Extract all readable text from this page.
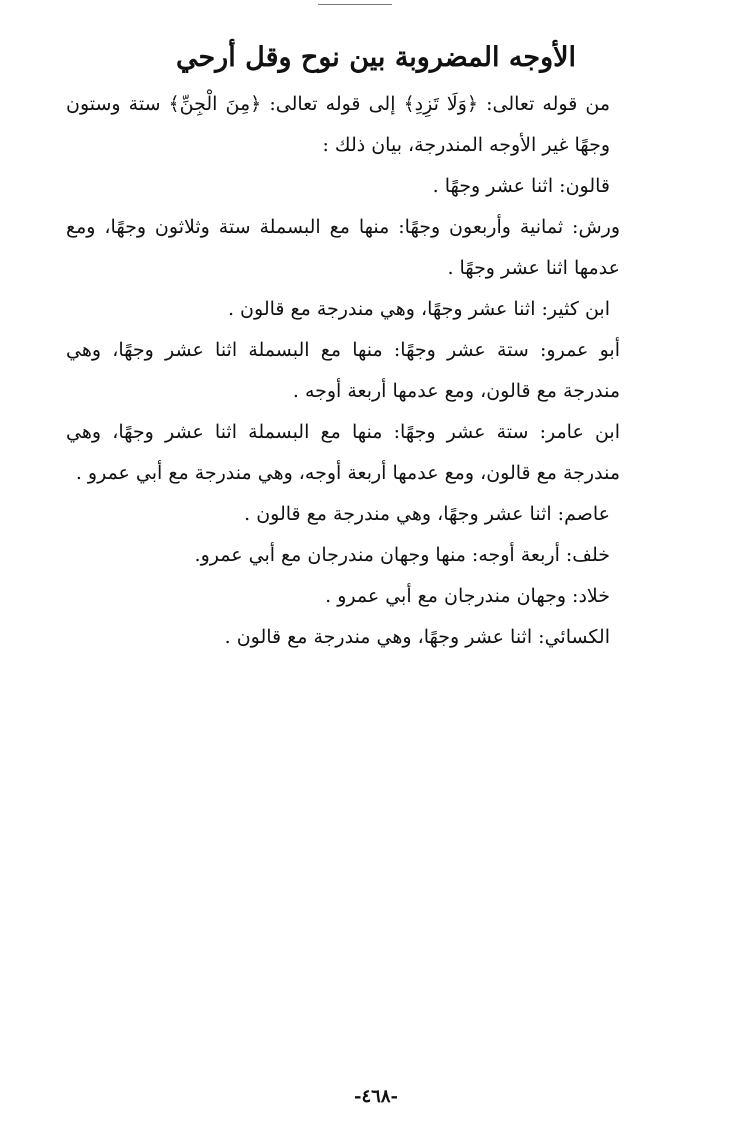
الأوجه المضروبة بين نوح وقل أرحي

من قوله تعالى: ﴿وَلَا تَزِدِ﴾ إلى قوله تعالى: ﴿مِنَ الْجِنِّ﴾ ستة وستون وجهًا غير الأوجه المندرجة، بيان ذلك :

قالون: اثنا عشر وجهًا .

ورش: ثمانية وأربعون وجهًا: منها مع البسملة ستة وثلاثون وجهًا، ومع عدمها اثنا عشر وجهًا .

ابن كثير: اثنا عشر وجهًا، وهي مندرجة مع قالون .

أبو عمرو: ستة عشر وجهًا: منها مع البسملة اثنا عشر وجهًا، وهي مندرجة مع قالون، ومع عدمها أربعة أوجه .

ابن عامر: ستة عشر وجهًا: منها مع البسملة اثنا عشر وجهًا، وهي مندرجة مع قالون، ومع عدمها أربعة أوجه، وهي مندرجة مع أبي عمرو .

عاصم: اثنا عشر وجهًا، وهي مندرجة مع قالون .

خلف: أربعة أوجه: منها وجهان مندرجان مع أبي عمرو.

خلاد: وجهان مندرجان مع أبي عمرو .

الكسائي: اثنا عشر وجهًا، وهي مندرجة مع قالون .

-٤٦٨-
